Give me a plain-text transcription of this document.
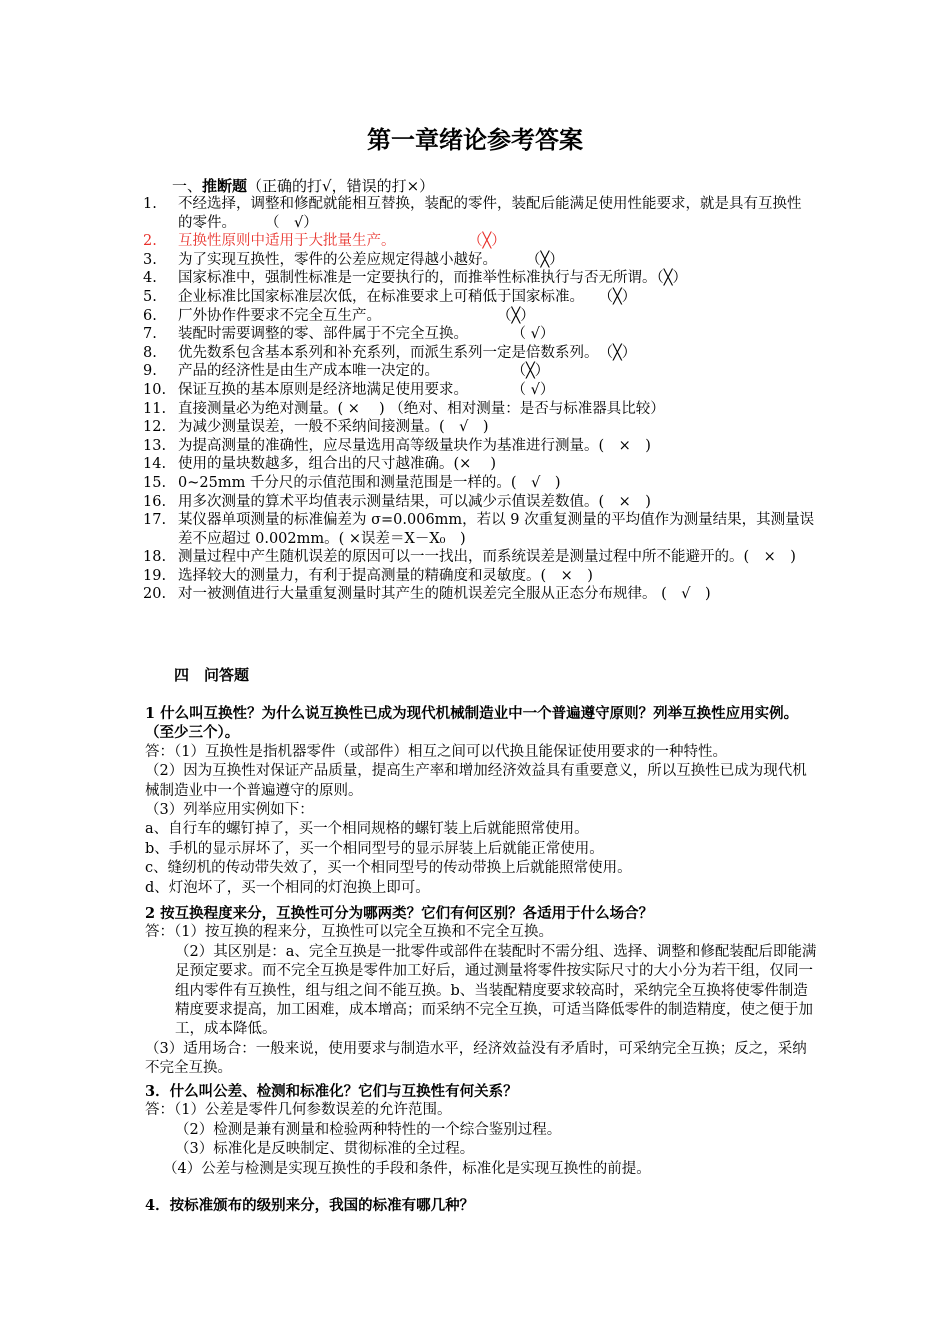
第一章绪论参考答案
一、推断题（正确的打√，错误的打×）
1. 不经选择，调整和修配就能相互替换，装配的零件，装配后能满足使用性能要求，就是具有互换性的零件。　　　（　√）
2. 互换性原则中适用于大批量生产。　　　　　　（╳）
3. 为了实现互换性，零件的公差应规定得越小越好。　　　（╳）
4. 国家标准中，强制性标准是一定要执行的，而推举性标准执行与否无所谓。（╳）
5. 企业标准比国家标准层次低，在标准要求上可稍低于国家标准。　　（╳）
6. 厂外协作件要求不完全互生产。　　　　　　　　　（╳）
7. 装配时需要调整的零、部件属于不完全互换。　　　　（ √）
8. 优先数系包含基本系列和补充系列，而派生系列一定是倍数系列。　（╳）
9. 产品的经济性是由生产成本唯一决定的。　　　　　　（╳）
10. 保证互换的基本原则是经济地满足使用要求。　　　　（ √）
11. 直接测量必为绝对测量。( ×　 ) （绝对、相对测量：是否与标准器具比较）
12. 为减少测量误差，一般不采纳间接测量。(　√　)
13. 为提高测量的准确性，应尽量选用高等级量块作为基准进行测量。(　×　)
14. 使用的量块数越多，组合出的尺寸越准确。(×　 )
15. 0~25mm 千分尺的示值范围和测量范围是一样的。(　√　)
16. 用多次测量的算术平均值表示测量结果，可以减少示值误差数值。(　×　)
17. 某仪器单项测量的标准偏差为 σ=0.006mm，若以 9 次重复测量的平均值作为测量结果，其测量误差不应超过 0.002mm。( ×误差＝X－X₀　)
18. 测量过程中产生随机误差的原因可以一一找出，而系统误差是测量过程中所不能避开的。(　×　)
19. 选择较大的测量力，有利于提高测量的精确度和灵敏度。(　×　)
20. 对一被测值进行大量重复测量时其产生的随机误差完全服从正态分布规律。 (　√　)
四　问答题

1 什么叫互换性？为什么说互换性已成为现代机械制造业中一个普遍遵守原则？列举互换性应用实例。（至少三个）。

答：（1）互换性是指机器零件（或部件）相互之间可以代换且能保证使用要求的一种特性。

（2）因为互换性对保证产品质量，提高生产率和增加经济效益具有重要意义，所以互换性已成为现代机械制造业中一个普遍遵守的原则。

（3）列举应用实例如下：

a、自行车的螺钉掉了，买一个相同规格的螺钉装上后就能照常使用。

b、手机的显示屏坏了，买一个相同型号的显示屏装上后就能正常使用。

c、缝纫机的传动带失效了，买一个相同型号的传动带换上后就能照常使用。

d、灯泡坏了，买一个相同的灯泡换上即可。

2 按互换程度来分，互换性可分为哪两类？它们有何区别？各适用于什么场合？

答：（1）按互换的程来分，互换性可以完全互换和不完全互换。

（2）其区别是：a、完全互换是一批零件或部件在装配时不需分组、选择、调整和修配装配后即能满足预定要求。而不完全互换是零件加工好后，通过测量将零件按实际尺寸的大小分为若干组，仅同一组内零件有互换性，组与组之间不能互换。b、当装配精度要求较高时，采纳完全互换将使零件制造精度要求提高，加工困难，成本增高；而采纳不完全互换，可适当降低零件的制造精度，使之便于加工，成本降低。

（3）适用场合：一般来说，使用要求与制造水平，经济效益没有矛盾时，可采纳完全互换；反之，采纳不完全互换。

3．什么叫公差、检测和标准化？它们与互换性有何关系？

答：（1）公差是零件几何参数误差的允许范围。

（2）检测是兼有测量和检验两种特性的一个综合鉴别过程。

（3）标准化是反映制定、贯彻标准的全过程。

（4）公差与检测是实现互换性的手段和条件，标准化是实现互换性的前提。

4．按标准颁布的级别来分，我国的标准有哪几种？
